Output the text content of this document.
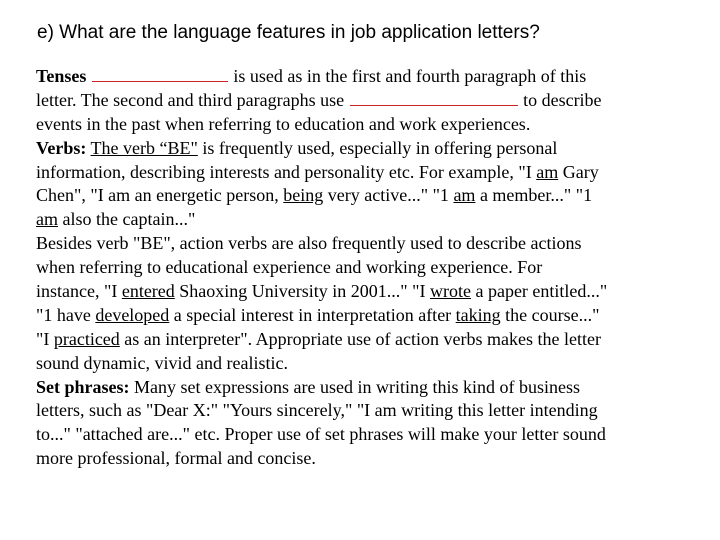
e) What are the language features in job application letters?
Tenses	is used as in the first and fourth paragraph of this
letter. The second and third paragraphs use	to describe
events in the past when referring to education and work experiences.
Verbs: The verb “BE" is frequently used, especially in offering personal
information, describing interests and personality etc. For example, "I am Gary
Chen", "I am an energetic person, being very active..." "1 am a member..." "1
am also the captain..."
Besides verb "BE", action verbs are also frequently used to describe actions
when referring to educational experience and working experience. For
instance, "I entered Shaoxing University in 2001..." "I wrote a paper entitled..."
"1 have developed a special interest in interpretation after taking the course..."
"I practiced as an interpreter". Appropriate use of action verbs makes the letter
sound dynamic, vivid and realistic.
Set phrases: Many set expressions are used in writing this kind of business
letters, such as "Dear X:" "Yours sincerely," "I am writing this letter intending
to..." "attached are..." etc. Proper use of set phrases will make your letter sound
more professional, formal and concise.
